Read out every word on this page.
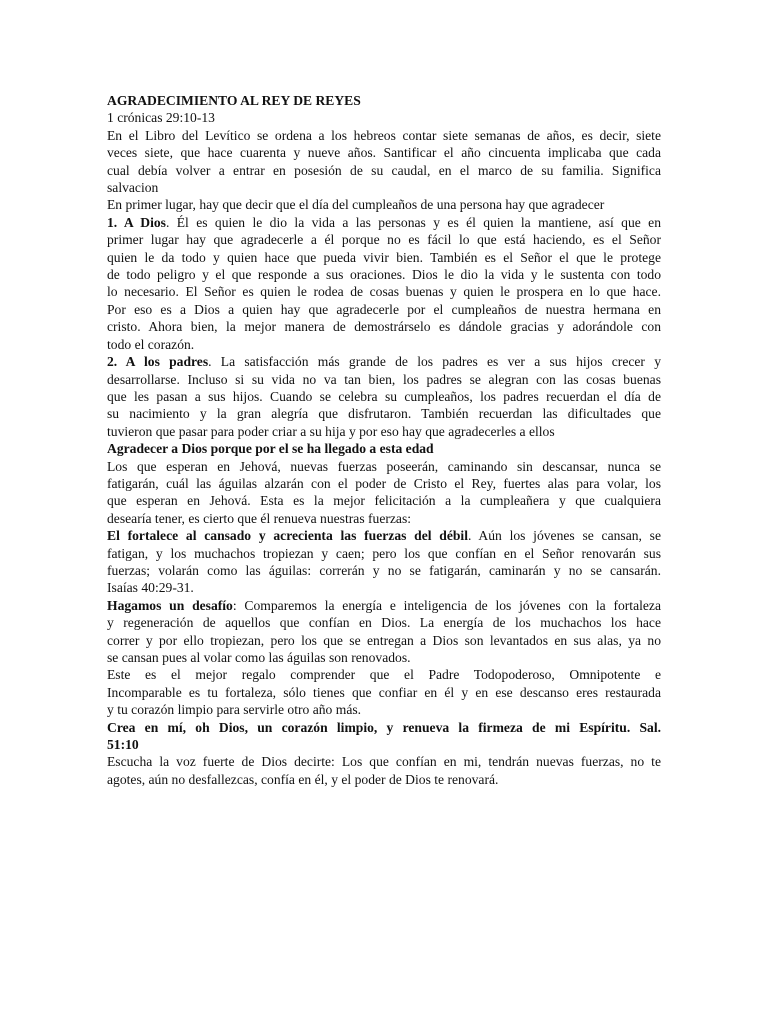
AGRADECIMIENTO AL REY DE REYES
1 crónicas 29:10-13
En el Libro del Levítico se ordena a los hebreos contar siete semanas de años, es decir, siete
veces siete, que hace cuarenta y nueve años. Santificar el año cincuenta implicaba que cada
cual debía volver a entrar en posesión de su caudal, en el marco de su familia. Significa
salvacion
En primer lugar, hay que decir que el día del cumpleaños de una persona hay que agradecer
1. A Dios. Él es quien le dio la vida a las personas y es él quien la mantiene, así que en
primer lugar hay que agradecerle a él porque no es fácil lo que está haciendo, es el Señor
quien le da todo y quien hace que pueda vivir bien. También es el Señor el que le protege
de todo peligro y el que responde a sus oraciones. Dios le dio la vida y le sustenta con todo
lo necesario. El Señor es quien le rodea de cosas buenas y quien le prospera en lo que hace.
Por eso es a Dios a quien hay que agradecerle por el cumpleaños de nuestra hermana en
cristo. Ahora bien, la mejor manera de demostrárselo es dándole gracias y adorándole con
todo el corazón.
2. A los padres. La satisfacción más grande de los padres es ver a sus hijos crecer y
desarrollarse. Incluso si su vida no va tan bien, los padres se alegran con las cosas buenas
que les pasan a sus hijos. Cuando se celebra su cumpleaños, los padres recuerdan el día de
su nacimiento y la gran alegría que disfrutaron. También recuerdan las dificultades que
tuvieron que pasar para poder criar a su hija y por eso hay que agradecerles a ellos
Agradecer a Dios porque por el se ha llegado a esta edad
Los que esperan en Jehová, nuevas fuerzas poseerán, caminando sin descansar, nunca se
fatigarán, cuál las águilas alzarán con el poder de Cristo el Rey, fuertes alas para volar, los
que esperan en Jehová. Esta es la mejor felicitación a la cumpleañera y que cualquiera
desearía tener, es cierto que él renueva nuestras fuerzas:
El fortalece al cansado y acrecienta las fuerzas del débil. Aún los jóvenes se cansan, se
fatigan, y los muchachos tropiezan y caen; pero los que confían en el Señor renovarán sus
fuerzas; volarán como las águilas: correrán y no se fatigarán, caminarán y no se cansarán.
Isaías 40:29-31.
Hagamos un desafío: Comparemos la energía e inteligencia de los jóvenes con la fortaleza
y regeneración de aquellos que confían en Dios. La energía de los muchachos los hace
correr y por ello tropiezan, pero los que se entregan a Dios son levantados en sus alas, ya no
se cansan pues al volar como las águilas son renovados.
Este es el mejor regalo comprender que el Padre Todopoderoso, Omnipotente e
Incomparable es tu fortaleza, sólo tienes que confiar en él y en ese descanso eres restaurada
y tu corazón limpio para servirle otro año más.
Crea en mí, oh Dios, un corazón limpio, y renueva la firmeza de mi Espíritu. Sal.
51:10
Escucha la voz fuerte de Dios decirte: Los que confían en mi, tendrán nuevas fuerzas, no te
agotes, aún no desfallezcas, confía en él, y el poder de Dios te renovará.
